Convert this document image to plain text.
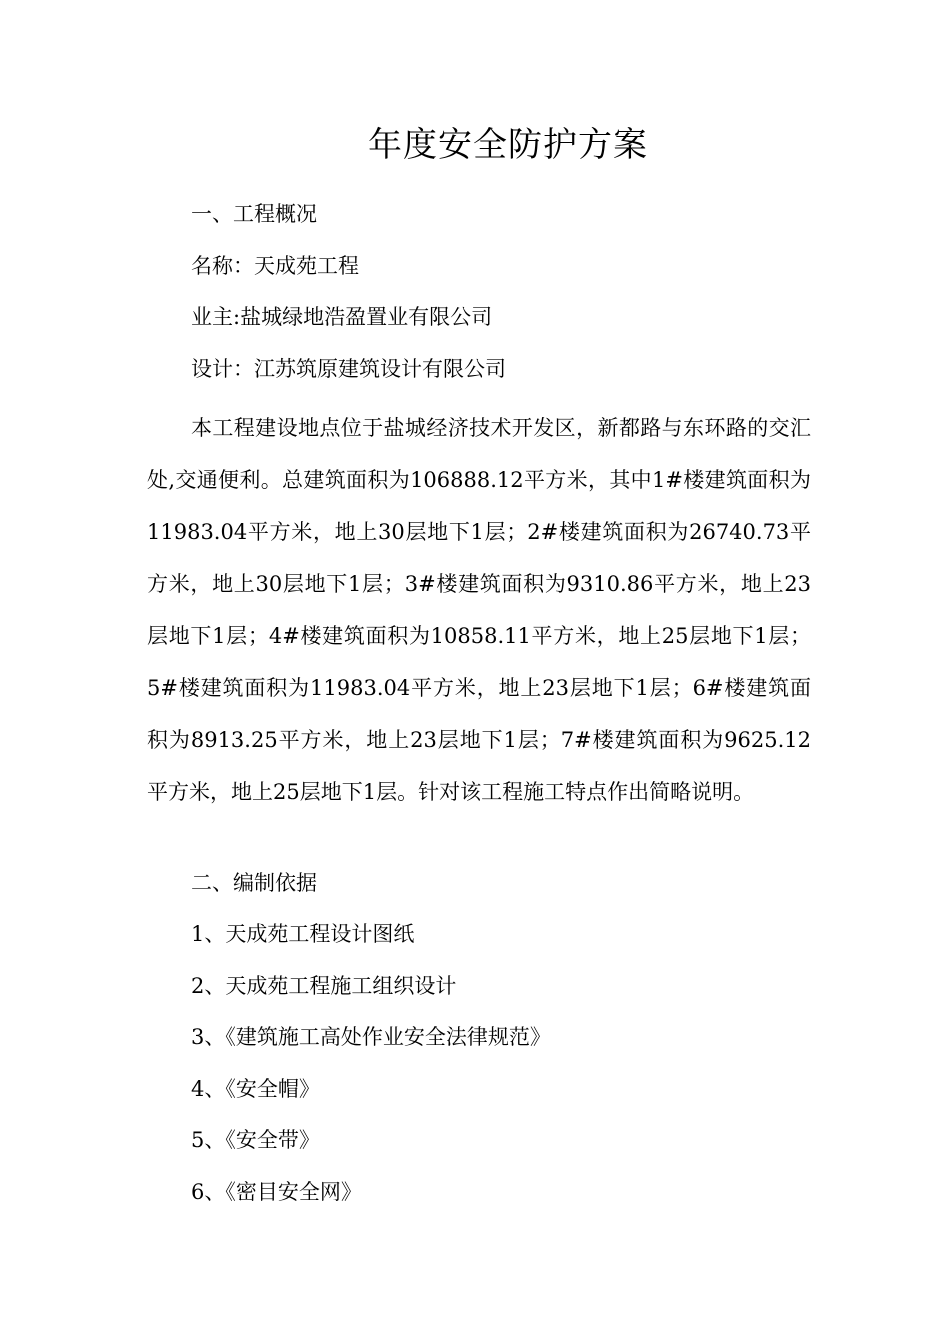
年度安全防护方案
一、工程概况
名称：天成苑工程
业主:盐城绿地浩盈置业有限公司
设计：江苏筑原建筑设计有限公司

本工程建设地点位于盐城经济技术开发区，新都路与东环路的交汇处,交通便利。总建筑面积为106888.12平方米，其中1#楼建筑面积为11983.04平方米，地上30层地下1层；2#楼建筑面积为26740.73平方米，地上30层地下1层；3#楼建筑面积为9310.86平方米，地上23层地下1层；4#楼建筑面积为10858.11平方米，地上25层地下1层；5#楼建筑面积为11983.04平方米，地上23层地下1层；6#楼建筑面积为8913.25平方米，地上23层地下1层；7#楼建筑面积为9625.12平方米，地上25层地下1层。针对该工程施工特点作出简略说明。

二、编制依据
1、天成苑工程设计图纸
2、天成苑工程施工组织设计
3、《建筑施工高处作业安全法律规范》
4、《安全帽》
5、《安全带》
6、《密目安全网》
